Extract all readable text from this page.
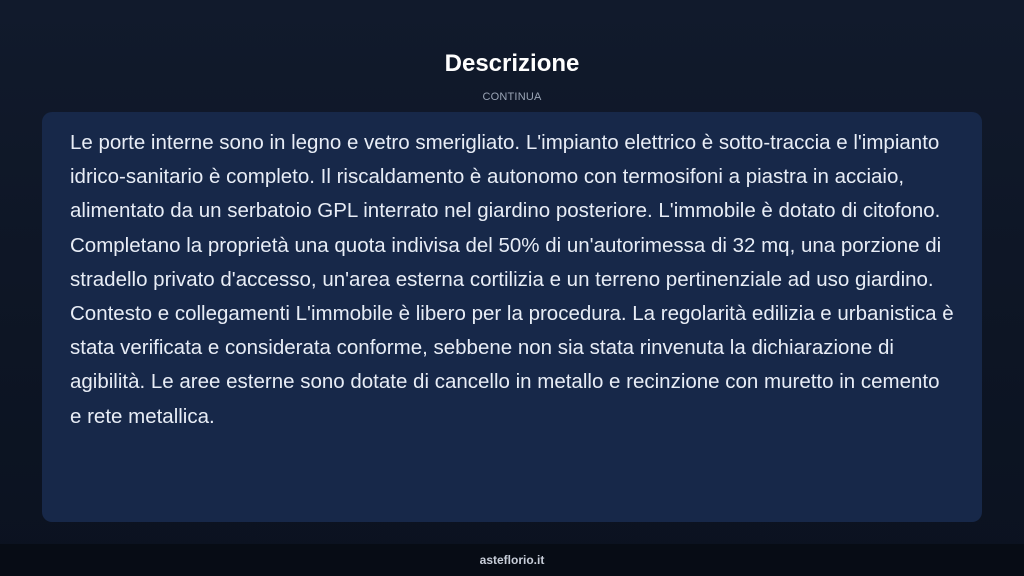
Descrizione
CONTINUA

Le porte interne sono in legno e vetro smerigliato. L'impianto elettrico è sotto-traccia e l'impianto idrico-sanitario è completo. Il riscaldamento è autonomo con termosifoni a piastra in acciaio, alimentato da un serbatoio GPL interrato nel giardino posteriore. L'immobile è dotato di citofono. Completano la proprietà una quota indivisa del 50% di un'autorimessa di 32 mq, una porzione di stradello privato d'accesso, un'area esterna cortilizia e un terreno pertinenziale ad uso giardino. Contesto e collegamenti L'immobile è libero per la procedura. La regolarità edilizia e urbanistica è stata verificata e considerata conforme, sebbene non sia stata rinvenuta la dichiarazione di agibilità. Le aree esterne sono dotate di cancello in metallo e recinzione con muretto in cemento e rete metallica.

asteflorio.it
